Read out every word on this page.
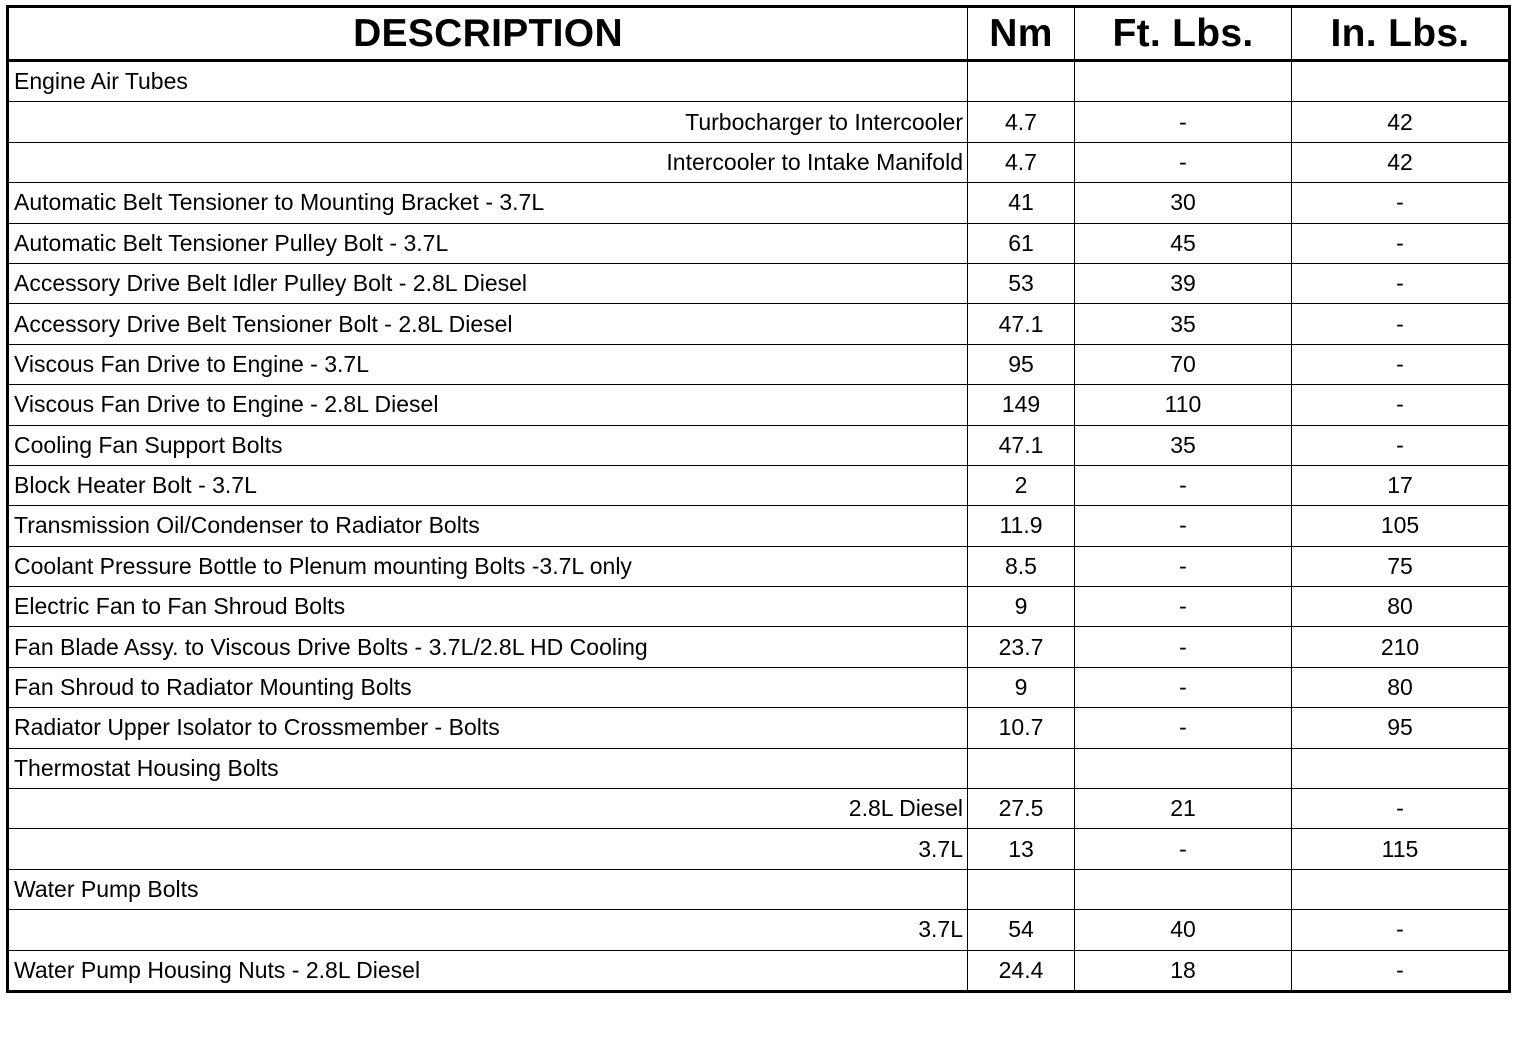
DESCRIPTION	Nm	Ft. Lbs.	In. Lbs.
Engine Air Tubes			
Turbocharger to Intercooler	4.7	-	42
Intercooler to Intake Manifold	4.7	-	42
Automatic Belt Tensioner to Mounting Bracket - 3.7L	41	30	-
Automatic Belt Tensioner Pulley Bolt - 3.7L	61	45	-
Accessory Drive Belt Idler Pulley Bolt - 2.8L Diesel	53	39	-
Accessory Drive Belt Tensioner Bolt - 2.8L Diesel	47.1	35	-
Viscous Fan Drive to Engine - 3.7L	95	70	-
Viscous Fan Drive to Engine - 2.8L Diesel	149	110	-
Cooling Fan Support Bolts	47.1	35	-
Block Heater Bolt - 3.7L	2	-	17
Transmission Oil/Condenser to Radiator Bolts	11.9	-	105
Coolant Pressure Bottle to Plenum mounting Bolts -3.7L only	8.5	-	75
Electric Fan to Fan Shroud Bolts	9	-	80
Fan Blade Assy. to Viscous Drive Bolts - 3.7L/2.8L HD Cooling	23.7	-	210
Fan Shroud to Radiator Mounting Bolts	9	-	80
Radiator Upper Isolator to Crossmember - Bolts	10.7	-	95
Thermostat Housing Bolts			
2.8L Diesel	27.5	21	-
3.7L	13	-	115
Water Pump Bolts			
3.7L	54	40	-
Water Pump Housing Nuts - 2.8L Diesel	24.4	18	-
